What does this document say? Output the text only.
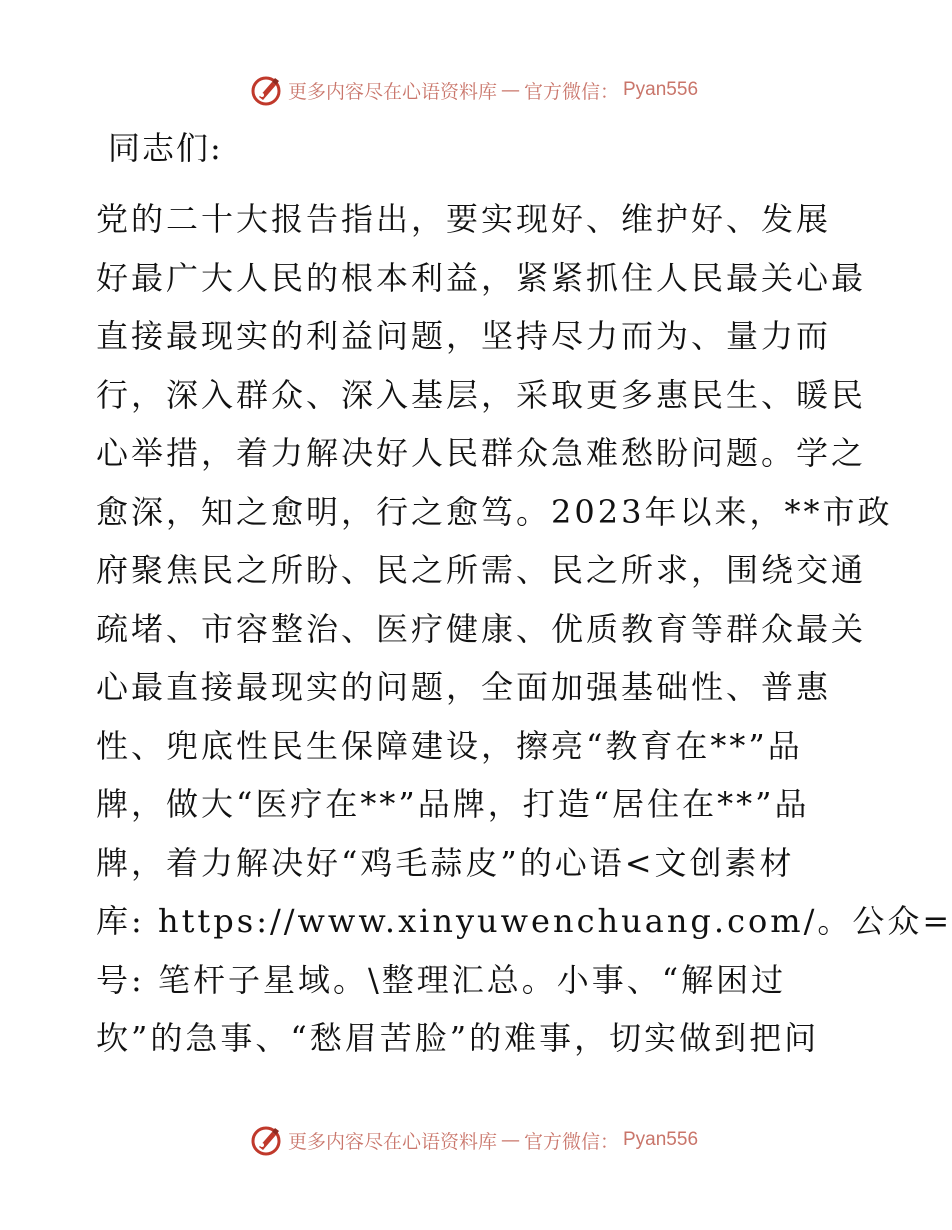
更多内容尽在心语资料库 — 官方微信： Pyan556
同志们:
党的二十大报告指出，要实现好、维护好、发展
好最广大人民的根本利益，紧紧抓住人民最关心最
直接最现实的利益问题，坚持尽力而为、量力而
行，深入群众、深入基层，采取更多惠民生、暖民
心举措，着力解决好人民群众急难愁盼问题。学之
愈深，知之愈明，行之愈笃。2023年以来，**市政
府聚焦民之所盼、民之所需、民之所求，围绕交通
疏堵、市容整治、医疗健康、优质教育等群众最关
心最直接最现实的问题，全面加强基础性、普惠
性、兜底性民生保障建设，擦亮“教育在**”品
牌，做大“医疗在**”品牌，打造“居住在**”品
牌，着力解决好“鸡毛蒜皮”的心语<文创素材
库: https://www.xinyuwenchuang.com/。公众=
号: 笔杆子星域。\整理汇总。小事、“解困过
坎”的急事、“愁眉苦脸”的难事，切实做到把问
更多内容尽在心语资料库 — 官方微信： Pyan556
